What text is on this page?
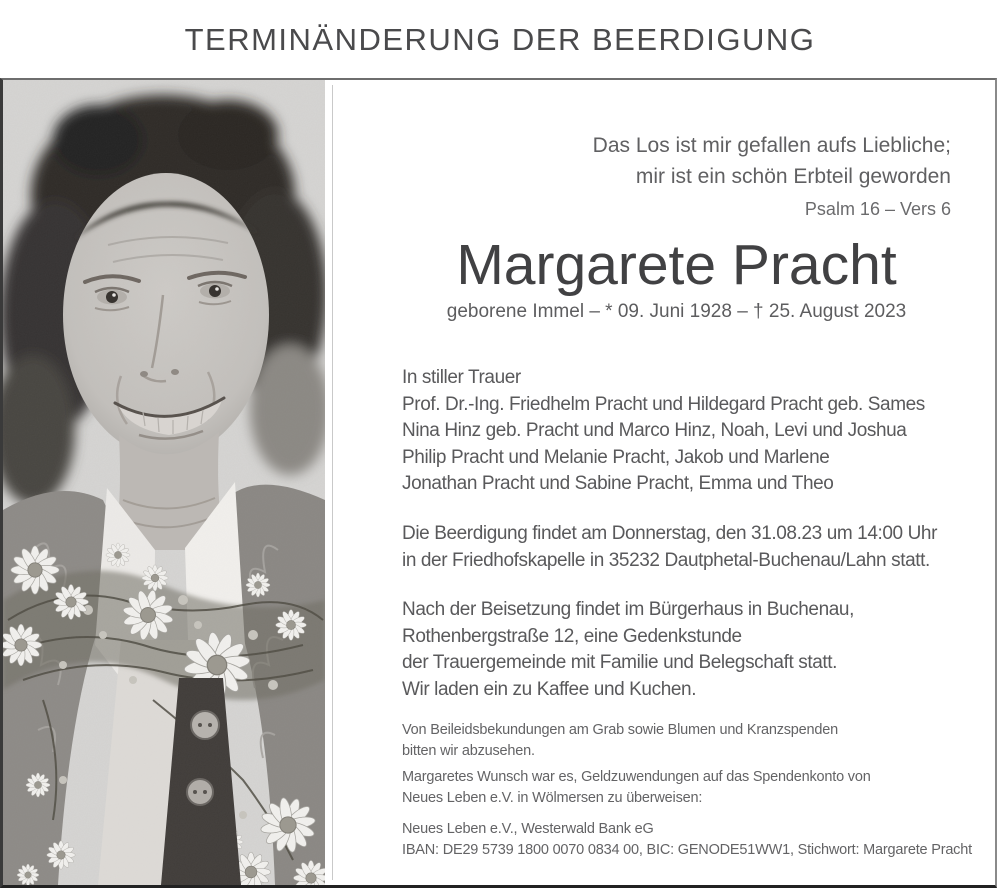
TERMINÄNDERUNG DER BEERDIGUNG
Das Los ist mir gefallen aufs Liebliche;
mir ist ein schön Erbteil geworden
Psalm 16 – Vers 6
Margarete Pracht
geborene Immel – * 09. Juni 1928 – † 25. August 2023
In stiller Trauer
Prof. Dr.-Ing. Friedhelm Pracht und Hildegard Pracht geb. Sames
Nina Hinz geb. Pracht und Marco Hinz, Noah, Levi und Joshua
Philip Pracht und Melanie Pracht, Jakob und Marlene
Jonathan Pracht und Sabine Pracht, Emma und Theo
Die Beerdigung findet am Donnerstag, den 31.08.23 um 14:00 Uhr
in der Friedhofskapelle in 35232 Dautphetal-Buchenau/Lahn statt.
Nach der Beisetzung findet im Bürgerhaus in Buchenau,
Rothenbergstraße 12, eine Gedenkstunde
der Trauergemeinde mit Familie und Belegschaft statt.
Wir laden ein zu Kaffee und Kuchen.
Von Beileidsbekundungen am Grab sowie Blumen und Kranzspenden
bitten wir abzusehen.
Margaretes Wunsch war es, Geldzuwendungen auf das Spendenkonto von
Neues Leben e.V. in Wölmersen zu überweisen:
Neues Leben e.V., Westerwald Bank eG
IBAN: DE29 5739 1800 0070 0834 00, BIC: GENODE51WW1, Stichwort: Margarete Pracht
